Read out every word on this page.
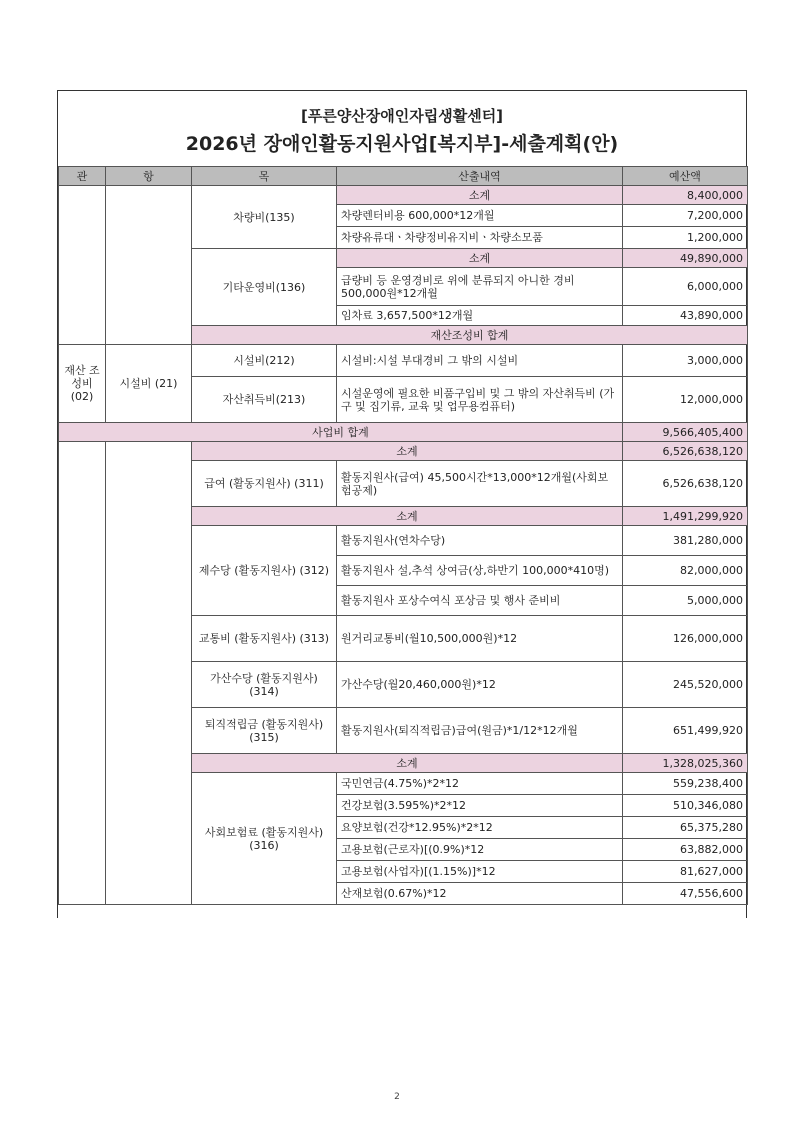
[푸른양산장애인자립생활센터]
2026년 장애인활동지원사업[복지부]-세출계획(안)
관	항	목	산출내역	예산액	
		차량비(135)	소계	8,400,000	
			차량렌터비용 600,000*12개월	7,200,000	
			차량유류대ㆍ차량정비유지비ㆍ차량소모품	1,200,000	
		기타운영비(136)	소계	49,890,000	
			급량비 등 운영경비로 위에 분류되지 아니한 경비 500,000원*12개월	6,000,000	
			임차료 3,657,500*12개월	43,890,000	
		재산조성비 합계	
재산 조성비 (02)	시설비 (21)	시설비(212)	시설비:시설 부대경비 그 밖의 시설비	3,000,000	
		자산취득비(213)	시설운영에 필요한 비품구입비 및 그 밖의 자산취득비 (가구 및 집기류, 교육 및 업무용컴퓨터)	12,000,000	
사업비 합계				9,566,405,400	
		소계		6,526,638,120	
		급여 (활동지원사) (311)	활동지원사(급여) 45,500시간*13,000*12개월(사회보험공제)	6,526,638,120	
		소계		1,491,299,920	
		제수당 (활동지원사) (312)	활동지원사(연차수당)	381,280,000	
			활동지원사 설,추석 상여금(상,하반기 100,000*410명)	82,000,000	
			활동지원사 포상수여식 포상금 및 행사 준비비	5,000,000	
		교통비 (활동지원사) (313)	원거리교통비(월10,500,000원)*12	126,000,000	
		가산수당 (활동지원사) (314)	가산수당(월20,460,000원)*12	245,520,000	
		퇴직적립금 (활동지원사) (315)	활동지원사(퇴직적립금)급여(원금)*1/12*12개월	651,499,920	
		소계		1,328,025,360	
		사회보험료 (활동지원사) (316)	국민연금(4.75%)*2*12	559,238,400	
			건강보험(3.595%)*2*12	510,346,080	
			요양보험(건강*12.95%)*2*12	65,375,280	
			고용보험(근로자)[(0.9%)*12	63,882,000	
			고용보험(사업자)[(1.15%)]*12	81,627,000	
			산재보험(0.67%)*12	47,556,600	
2
